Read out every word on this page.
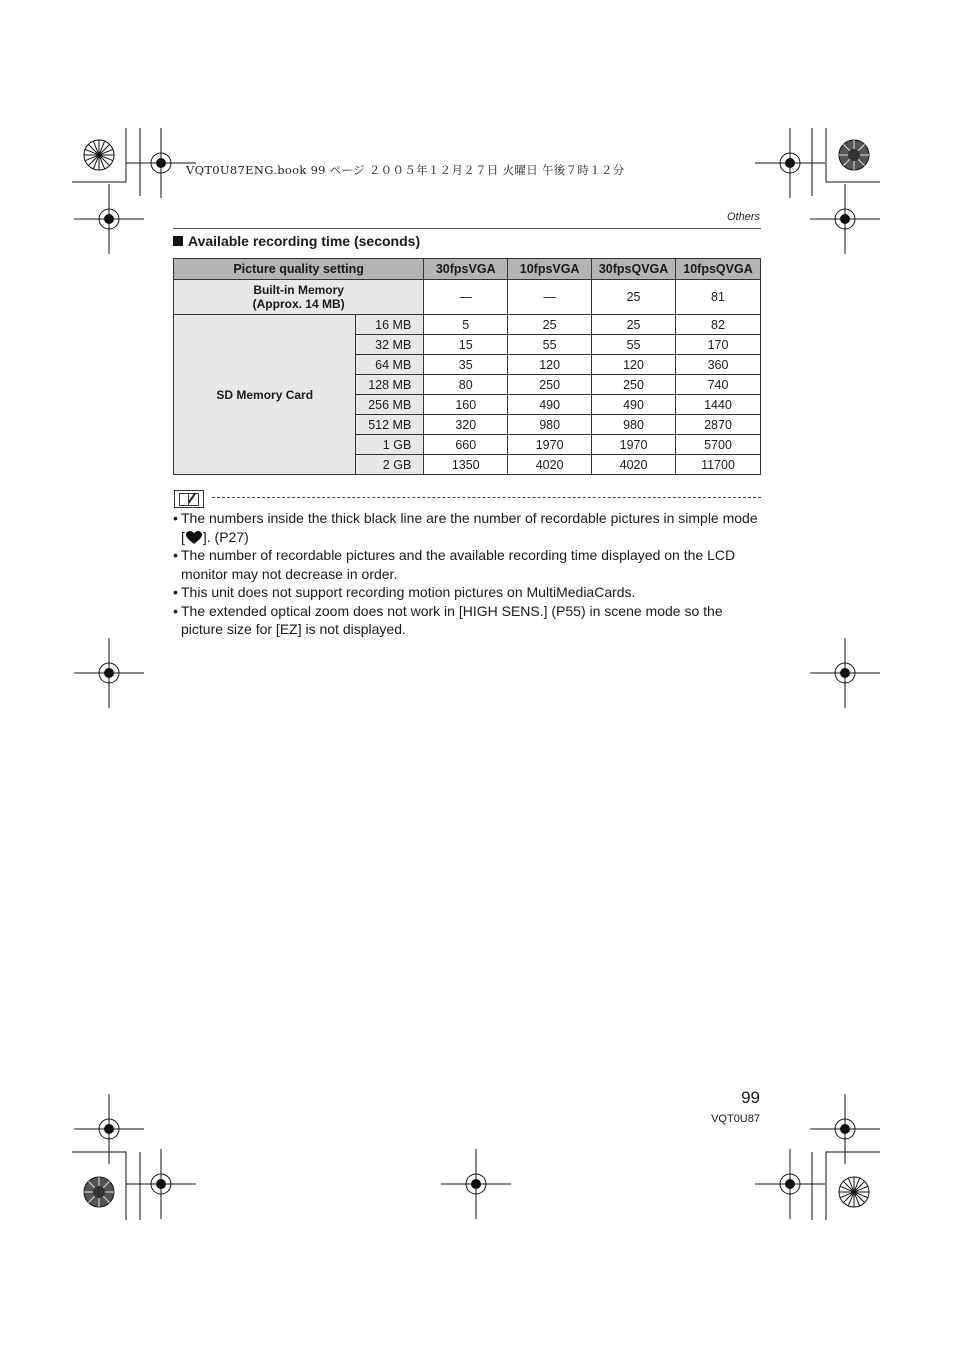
VQT0U87ENG.book 99 ページ ２００５年１２月２７日 火曜日 午後７時１２分
Others
Available recording time (seconds)
Picture quality setting		30fpsVGA	10fpsVGA	30fpsQVGA	10fpsQVGA
Built-in Memory
(Approx. 14 MB)		—	—	25	81
SD Memory Card	16 MB	5	25	25	82
	32 MB	15	55	55	170
	64 MB	35	120	120	360
	128 MB	80	250	250	740
	256 MB	160	490	490	1440
	512 MB	320	980	980	2870
	1 GB	660	1970	1970	5700
	2 GB	1350	4020	4020	11700
• The numbers inside the thick black line are the number of recordable pictures in simple mode [ ]. (P27)
• The number of recordable pictures and the available recording time displayed on the LCD monitor may not decrease in order.
• This unit does not support recording motion pictures on MultiMediaCards.
• The extended optical zoom does not work in [HIGH SENS.] (P55) in scene mode so the picture size for [EZ] is not displayed.
99
VQT0U87
